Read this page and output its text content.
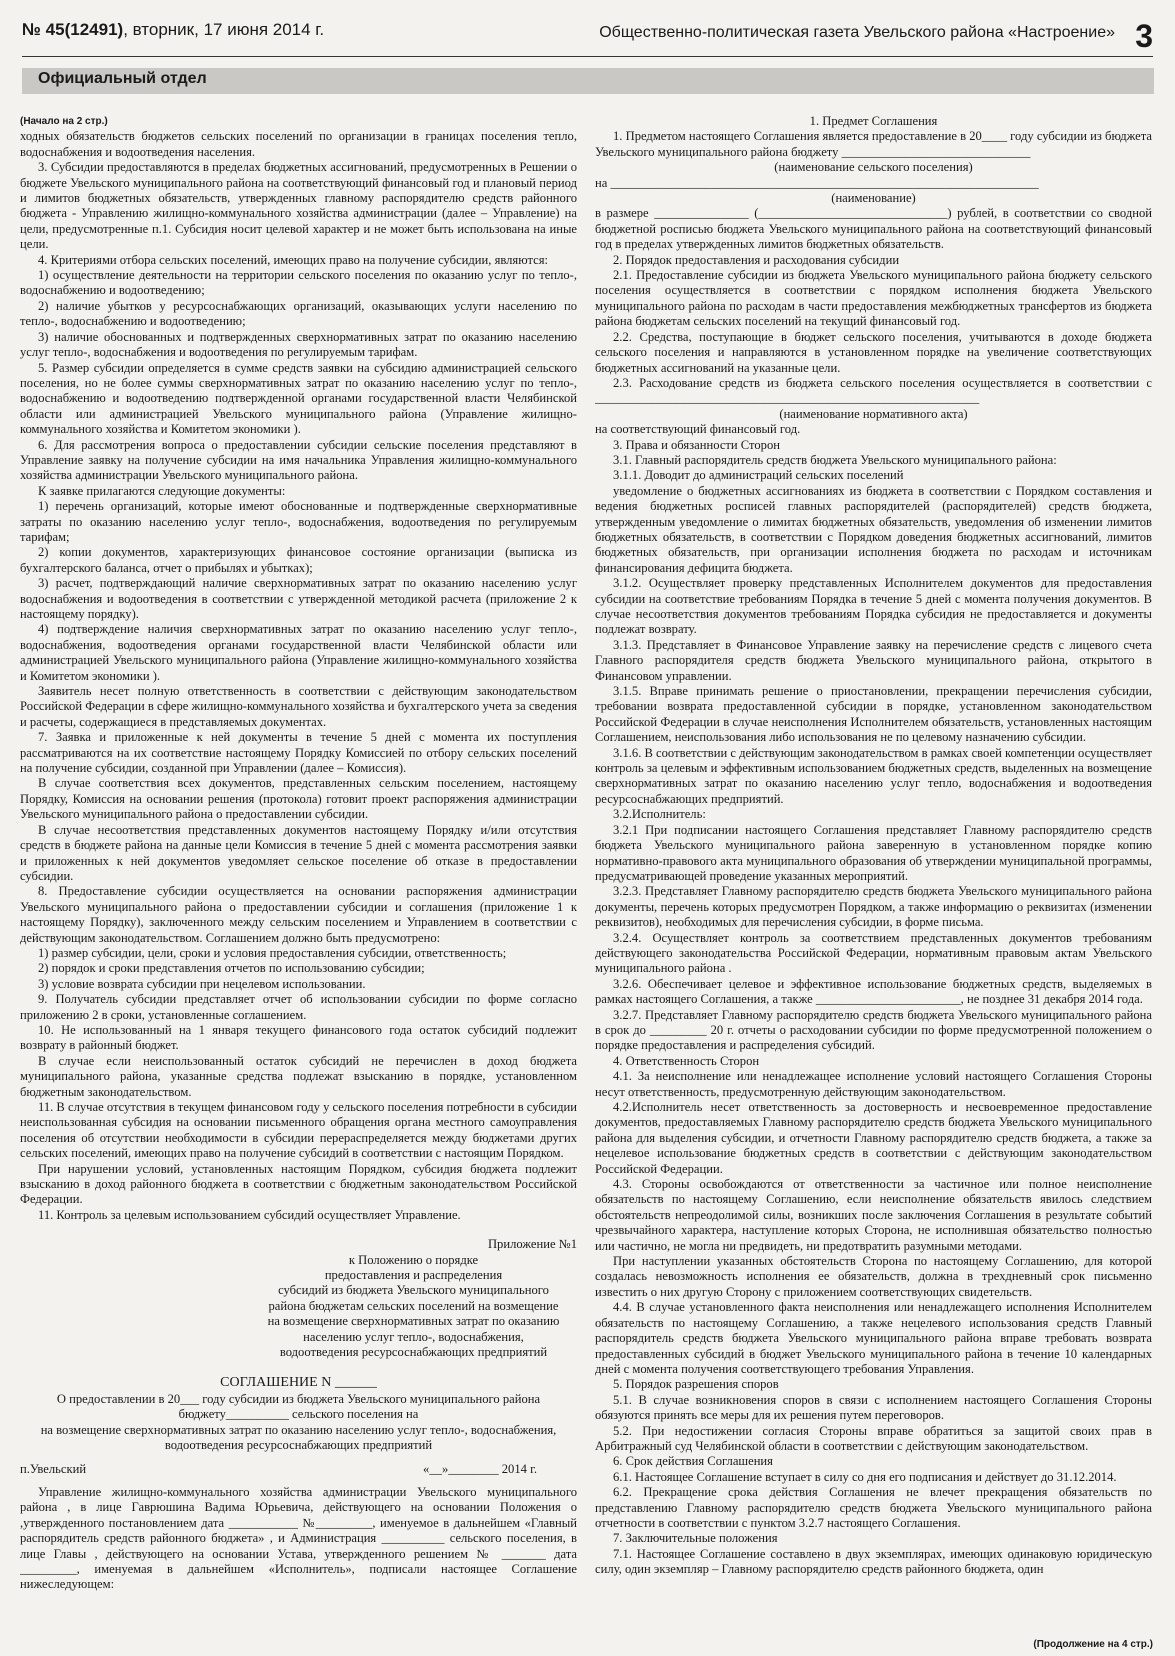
№ 45(12491), вторник, 17 июня 2014 г.	Общественно-политическая газета Увельского района «Настроение» 3
Официальный отдел

(Начало на 2 стр.)

ходных обязательств бюджетов сельских поселений по организации в границах поселения тепло, водоснабжения и водоотведения населения.

3. Субсидии предоставляются в пределах бюджетных ассигнований, предусмотренных в Решении о бюджете Увельского муниципального района на соответствующий финансовый год и плановый период и лимитов бюджетных обязательств, утвержденных главному распорядителю средств районного бюджета - Управлению жилищно-коммунального хозяйства администрации (далее – Управление) на цели, предусмотренные п.1. Субсидия носит целевой характер и не может быть использована на иные цели.

4. Критериями отбора сельских поселений, имеющих право на получение субсидии, являются:

1) осуществление деятельности на территории сельского поселения по оказанию услуг по тепло-, водоснабжению и водоотведению;

2) наличие убытков у ресурсоснабжающих организаций, оказывающих услуги населению по тепло-, водоснабжению и водоотведению;

3) наличие обоснованных и подтвержденных сверхнормативных затрат по оказанию населению услуг тепло-, водоснабжения и водоотведения по регулируемым тарифам.

5. Размер субсидии определяется в сумме средств заявки на субсидию администрацией сельского поселения, но не более суммы сверхнормативных затрат по оказанию населению услуг по тепло-, водоснабжению и водоотведению подтвержденной органами государственной власти Челябинской области или администрацией Увельского муниципального района (Управление жилищно-коммунального хозяйства и Комитетом экономики ).

6. Для рассмотрения вопроса о предоставлении субсидии сельские поселения представляют в Управление заявку на получение субсидии на имя начальника Управления жилищно-коммунального хозяйства администрации Увельского муниципального района.

К заявке прилагаются следующие документы:

1) перечень организаций, которые имеют обоснованные и подтвержденные сверхнормативные затраты по оказанию населению услуг тепло-, водоснабжения, водоотведения по регулируемым тарифам;

2) копии документов, характеризующих финансовое состояние организации (выписка из бухгалтерского баланса, отчет о прибылях и убытках);

3) расчет, подтверждающий наличие сверхнормативных затрат по оказанию населению услуг водоснабжения и водоотведения в соответствии с утвержденной методикой расчета (приложение 2 к настоящему порядку).

4) подтверждение наличия сверхнормативных затрат по оказанию населению услуг тепло-, водоснабжения, водоотведения органами государственной власти Челябинской области или администрацией Увельского муниципального района (Управление жилищно-коммунального хозяйства и Комитетом экономики ).

Заявитель несет полную ответственность в соответствии с действующим законодательством Российской Федерации в сфере жилищно-коммунального хозяйства и бухгалтерского учета за сведения и расчеты, содержащиеся в представляемых документах.

7. Заявка и приложенные к ней документы в течение 5 дней с момента их поступления рассматриваются на их соответствие настоящему Порядку Комиссией по отбору сельских поселений на получение субсидии, созданной при Управлении (далее – Комиссия).

В случае соответствия всех документов, представленных сельским поселением, настоящему Порядку, Комиссия на основании решения (протокола) готовит проект распоряжения администрации Увельского муниципального района о предоставлении субсидии.

В случае несоответствия представленных документов настоящему Порядку и/или отсутствия средств в бюджете района на данные цели Комиссия в течение 5 дней с момента рассмотрения заявки и приложенных к ней документов уведомляет сельское поселение об отказе в предоставлении субсидии.

8. Предоставление субсидии осуществляется на основании распоряжения администрации Увельского муниципального района о предоставлении субсидии и соглашения (приложение 1 к настоящему Порядку), заключенного между сельским поселением и Управлением в соответствии с действующим законодательством. Соглашением должно быть предусмотрено:

1) размер субсидии, цели, сроки и условия предоставления субсидии, ответственность;

2) порядок и сроки представления отчетов по использованию субсидии;

3) условие возврата субсидии при нецелевом использовании.

9. Получатель субсидии представляет отчет об использовании субсидии по форме согласно приложению 2 в сроки, установленные соглашением.

10. Не использованный на 1 января текущего финансового года остаток субсидий подлежит возврату в районный бюджет.

В случае если неиспользованный остаток субсидий не перечислен в доход бюджета муниципального района, указанные средства подлежат взысканию в порядке, установленном бюджетным законодательством.

11. В случае отсутствия в текущем финансовом году у сельского поселения потребности в субсидии неиспользованная субсидия на основании письменного обращения органа местного самоуправления поселения об отсутствии необходимости в субсидии перераспределяется между бюджетами других сельских поселений, имеющих право на получение субсидий в соответствии с настоящим Порядком.

При нарушении условий, установленных настоящим Порядком, субсидия бюджета подлежит взысканию в доход районного бюджета в соответствии с бюджетным законодательством Российской Федерации.

11. Контроль за целевым использованием субсидий осуществляет Управление.

Приложение №1
к Положению о порядке
предоставления и распределения
субсидий из бюджета Увельского муниципального
района бюджетам сельских поселений на возмещение
на возмещение сверхнормативных затрат по оказанию
населению услуг тепло-, водоснабжения,
водоотведения ресурсоснабжающих предприятий
СОГЛАШЕНИЕ N ______

О предоставлении в 20___ году субсидии из бюджета Увельского муниципального района бюджету__________ сельского поселения на

на возмещение сверхнормативных затрат по оказанию населению услуг тепло-, водоснабжения, водоотведения ресурсоснабжающих предприятий

п.Увельский	«__»________ 2014 г.

Управление жилищно-коммунального хозяйства администрации Увельского муниципального района , в лице Гаврюшина Вадима Юрьевича, действующего на основании Положения о ,утвержденного постановлением дата ___________ №_________, именуемое в дальнейшем «Главный распорядитель средств районного бюджета» , и Администрация __________ сельского поселения, в лице Главы , действующего на основании Устава, утвержденного решением № _______ дата _________, именуемая в дальнейшем «Исполнитель», подписали настоящее Соглашение нижеследующем:

1. Предмет Соглашения

1. Предметом настоящего Соглашения является предоставление в 20____ году субсидии из бюджета Увельского муниципального района бюджету ______________________________

(наименование сельского поселения)

на ____________________________________________________________________

(наименование)

в размере _______________ (______________________________) рублей, в соответствии со сводной бюджетной росписью бюджета Увельского муниципального района на соответствующий финансовый год в пределах утвержденных лимитов бюджетных обязательств.

2. Порядок предоставления и расходования субсидии

2.1. Предоставление субсидии из бюджета Увельского муниципального района бюджету сельского поселения осуществляется в соответствии с порядком исполнения бюджета Увельского муниципального района по расходам в части предоставления межбюджетных трансфертов из бюджета района бюджетам сельских поселений на текущий финансовый год.

2.2. Средства, поступающие в бюджет сельского поселения, учитываются в доходе бюджета сельского поселения и направляются в установленном порядке на увеличение соответствующих бюджетных ассигнований на указанные цели.

2.3. Расходование средств из бюджета сельского поселения осуществляется в соответствии с _____________________________________________________________

(наименование нормативного акта)

на соответствующий финансовый год.

3. Права и обязанности Сторон

3.1. Главный распорядитель средств бюджета Увельского муниципального района:

3.1.1. Доводит до администраций сельских поселений

уведомление о бюджетных ассигнованиях из бюджета в соответствии с Порядком составления и ведения бюджетных росписей главных распорядителей (распорядителей) средств бюджета, утвержденным уведомление о лимитах бюджетных обязательств, уведомления об изменении лимитов бюджетных обязательств, в соответствии с Порядком доведения бюджетных ассигнований, лимитов бюджетных обязательств, при организации исполнения бюджета по расходам и источникам финансирования дефицита бюджета.

3.1.2. Осуществляет проверку представленных Исполнителем документов для предоставления субсидии на соответствие требованиям Порядка в течение 5 дней с момента получения документов. В случае несоответствия документов требованиям Порядка субсидия не предоставляется и документы подлежат возврату.

3.1.3. Представляет в Финансовое Управление заявку на перечисление средств с лицевого счета Главного распорядителя средств бюджета Увельского муниципального района, открытого в Финансовом управлении.

3.1.5. Вправе принимать решение о приостановлении, прекращении перечисления субсидии, требовании возврата предоставленной субсидии в порядке, установленном законодательством Российской Федерации в случае неисполнения Исполнителем обязательств, установленных настоящим Соглашением, неиспользования либо использования не по целевому назначению субсидии.

3.1.6. В соответствии с действующим законодательством в рамках своей компетенции осуществляет контроль за целевым и эффективным использованием бюджетных средств, выделенных на возмещение сверхнормативных затрат по оказанию населению услуг тепло, водоснабжения и водоотведения ресурсоснабжающих предприятий.

3.2.Исполнитель:

3.2.1 При подписании настоящего Соглашения представляет Главному распорядителю средств бюджета Увельского муниципального района заверенную в установленном порядке копию нормативно-правового акта муниципального образования об утверждении муниципальной программы, предусматривающей проведение указанных мероприятий.

3.2.3. Представляет Главному распорядителю средств бюджета Увельского муниципального района документы, перечень которых предусмотрен Порядком, а также информацию о реквизитах (изменении реквизитов), необходимых для перечисления субсидии, в форме письма.

3.2.4. Осуществляет контроль за соответствием представленных документов требованиям действующего законодательства Российской Федерации, нормативным правовым актам Увельского муниципального района .

3.2.6. Обеспечивает целевое и эффективное использование бюджетных средств, выделяемых в рамках настоящего Соглашения, а также _______________________, не позднее 31 декабря 2014 года.

3.2.7. Представляет Главному распорядителю средств бюджета Увельского муниципального района в срок до _________ 20 г. отчеты о расходовании субсидии по форме предусмотренной положением о порядке предоставления и распределения субсидий.

4. Ответственность Сторон

4.1. За неисполнение или ненадлежащее исполнение условий настоящего Соглашения Стороны несут ответственность, предусмотренную действующим законодательством.

4.2.Исполнитель несет ответственность за достоверность и несвоевременное предоставление документов, предоставляемых Главному распорядителю средств бюджета Увельского муниципального района для выделения субсидии, и отчетности Главному распорядителю средств бюджета, а также за нецелевое использование бюджетных средств в соответствии с действующим законодательством Российской Федерации.

4.3. Стороны освобождаются от ответственности за частичное или полное неисполнение обязательств по настоящему Соглашению, если неисполнение обязательств явилось следствием обстоятельств непреодолимой силы, возникших после заключения Соглашения в результате событий чрезвычайного характера, наступление которых Сторона, не исполнившая обязательство полностью или частично, не могла ни предвидеть, ни предотвратить разумными методами.

При наступлении указанных обстоятельств Сторона по настоящему Соглашению, для которой создалась невозможность исполнения ее обязательств, должна в трехдневный срок письменно известить о них другую Сторону с приложением соответствующих свидетельств.

4.4. В случае установленного факта неисполнения или ненадлежащего исполнения Исполнителем обязательств по настоящему Соглашению, а также нецелевого использования средств Главный распорядитель средств бюджета Увельского муниципального района вправе требовать возврата предоставленных субсидий в бюджет Увельского муниципального района в течение 10 календарных дней с момента получения соответствующего требования Управления.

5. Порядок разрешения споров

5.1. В случае возникновения споров в связи с исполнением настоящего Соглашения Стороны обязуются принять все меры для их решения путем переговоров.

5.2. При недостижении согласия Стороны вправе обратиться за защитой своих прав в Арбитражный суд Челябинской области в соответствии с действующим законодательством.

6. Срок действия Соглашения

6.1. Настоящее Соглашение вступает в силу со дня его подписания и действует до 31.12.2014.

6.2. Прекращение срока действия Соглашения не влечет прекращения обязательств по представлению Главному распорядителю средств бюджета Увельского муниципального района отчетности в соответствии с пунктом 3.2.7 настоящего Соглашения.

7. Заключительные положения

7.1. Настоящее Соглашение составлено в двух экземплярах, имеющих одинаковую юридическую силу, один экземпляр – Главному распорядителю средств районного бюджета, один

(Продолжение на 4 стр.)
